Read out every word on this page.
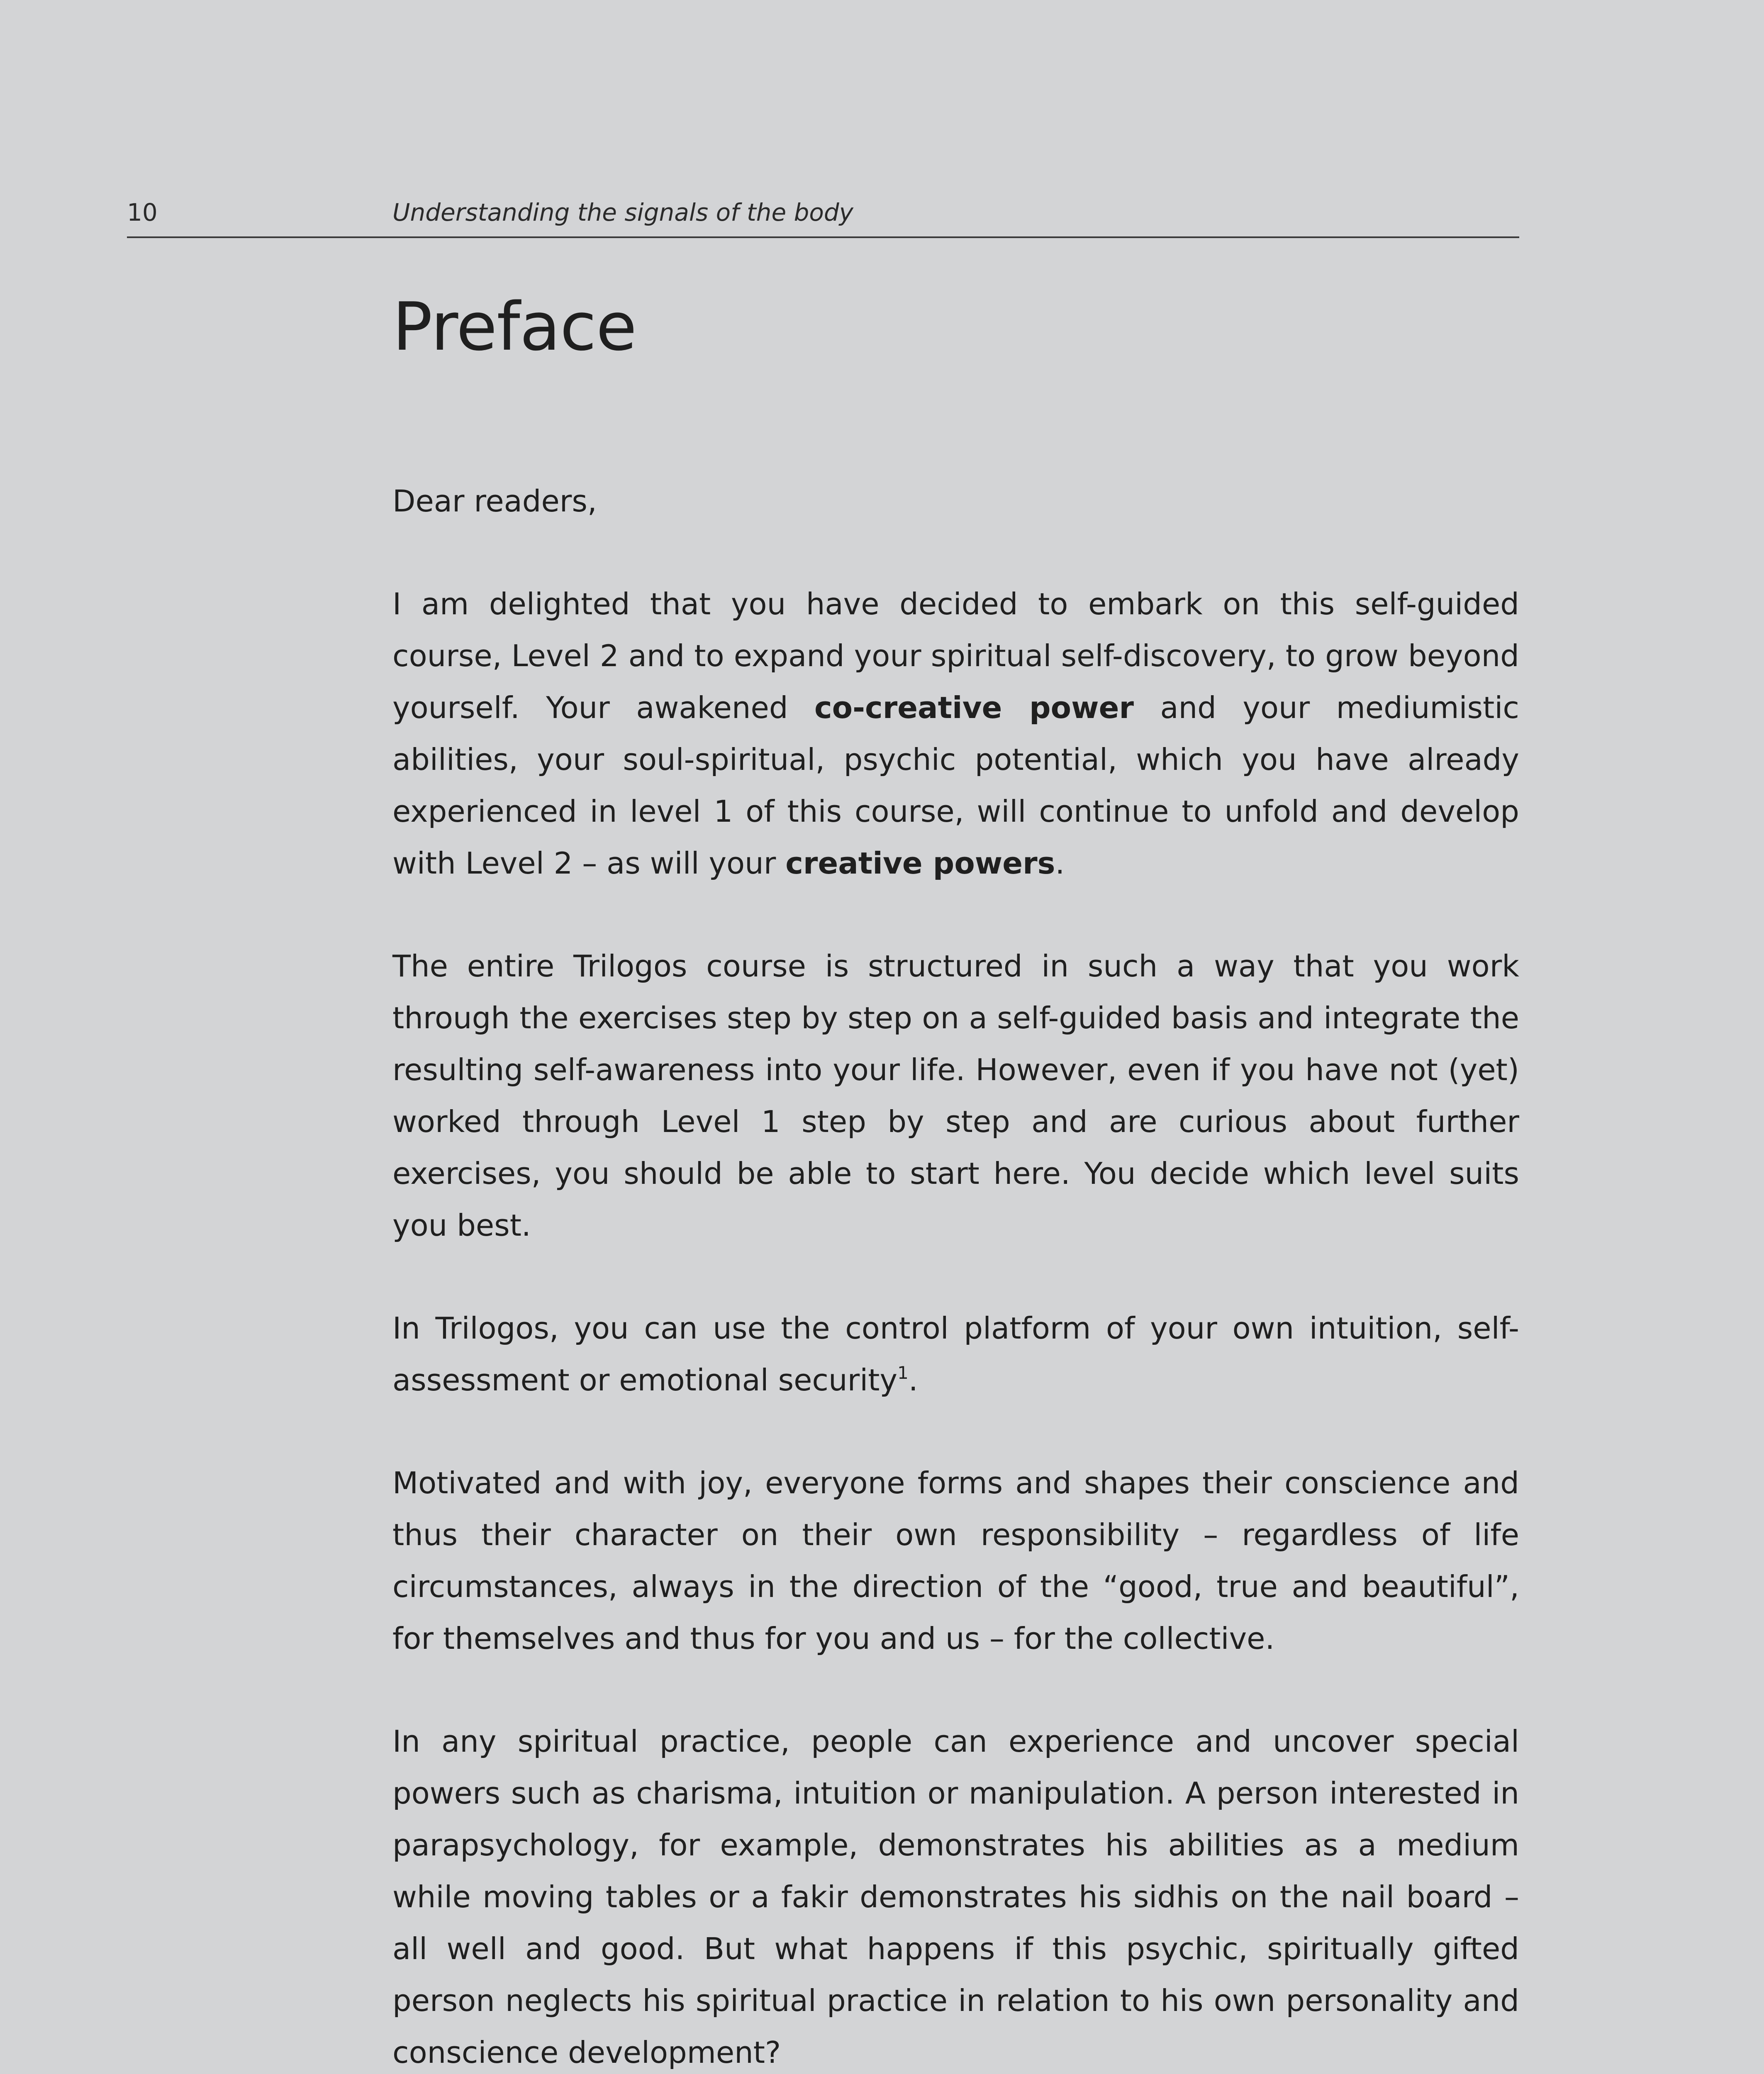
10	Understanding the signals of the body
Preface

Dear readers,

I am delighted that you have decided to embark on this self-guided course, Level 2 and to expand your spiritual self-discovery, to grow beyond yourself. Your awakened co-creative power and your mediumistic abilities, your soul-spiritual, psychic potential, which you have already experienced in level 1 of this course, will continue to unfold and develop with Level 2 – as will your creative powers.

The entire Trilogos course is structured in such a way that you work through the exercises step by step on a self-guided basis and integrate the resulting self-awareness into your life. However, even if you have not (yet) worked through Level 1 step by step and are curious about further exercises, you should be able to start here. You decide which level suits you best.

In Trilogos, you can use the control platform of your own intuition, self-assessment or emotional security$^1$.

Motivated and with joy, everyone forms and shapes their conscience and thus their character on their own responsibility – regardless of life circumstances, always in the direction of the “good, true and beautiful”, for themselves and thus for you and us – for the collective.

In any spiritual practice, people can experience and uncover special powers such as charisma, intuition or manipulation. A person interested in parapsychology, for example, demonstrates his abilities as a medium while moving tables or a fakir demonstrates his sidhis on the nail board – all well and good. But what happens if this psychic, spiritually gifted person neglects his spiritual practice in relation to his own personality and conscience development?
